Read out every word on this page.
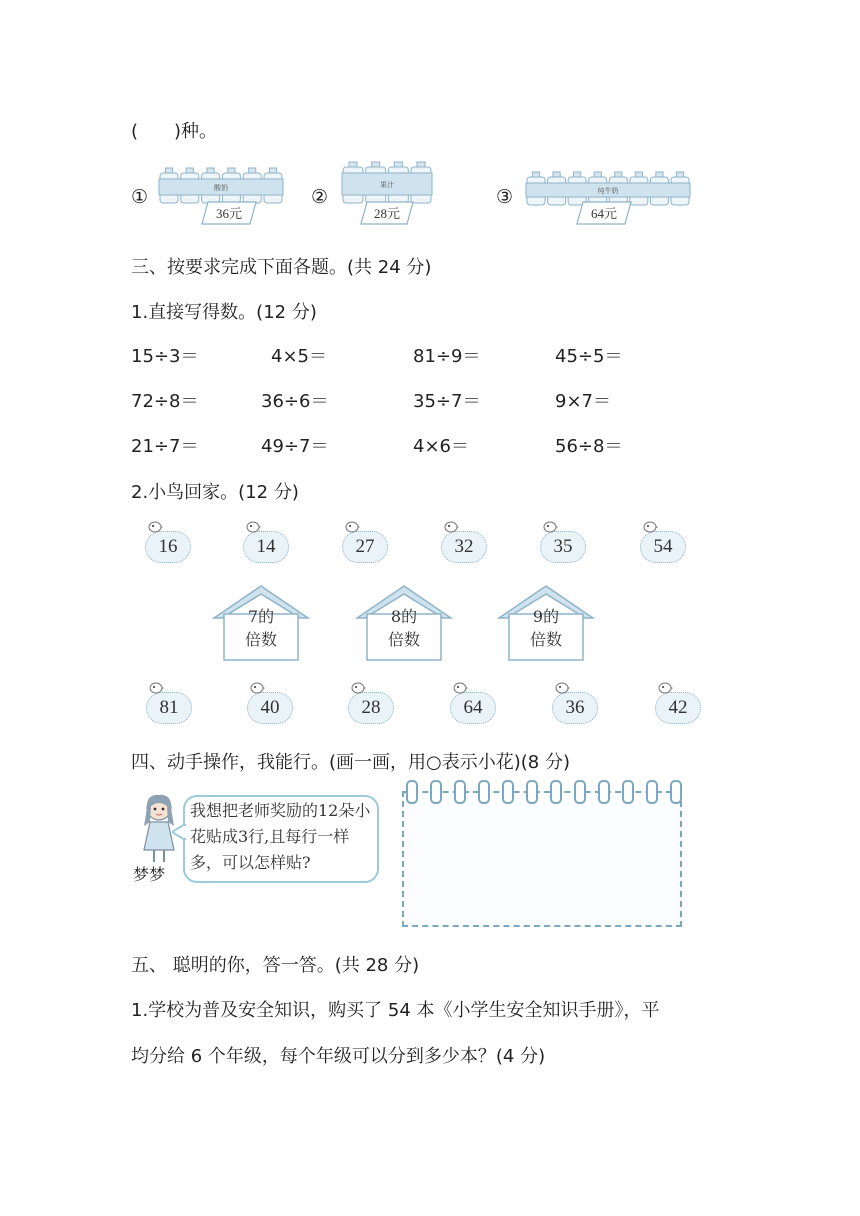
(　　)种。
①	酸奶
36元
②
果汁
28元
③	纯牛奶
64元
三、按要求完成下面各题。(共 24 分)
1.直接写得数。(12 分)
15÷3＝	4×5＝	81÷9＝	45÷5＝
72÷8＝	36÷6＝	35÷7＝	9×7＝
21÷7＝	49÷7＝	4×6＝	56÷8＝
2.小鸟回家。(12 分)
16	14	27	32	35	54
7的
倍数
8的
倍数
9的
倍数
81	40	28	64	36	42
四、动手操作，我能行。(画一画，用○表示小花)(8 分)
梦梦
我想把老师奖励的12朵小花贴成3行,且每行一样多，可以怎样贴?
五、 聪明的你，答一答。(共 28 分)
1.学校为普及安全知识，购买了 54 本《小学生安全知识手册》，平
均分给 6 个年级，每个年级可以分到多少本？(4 分)
